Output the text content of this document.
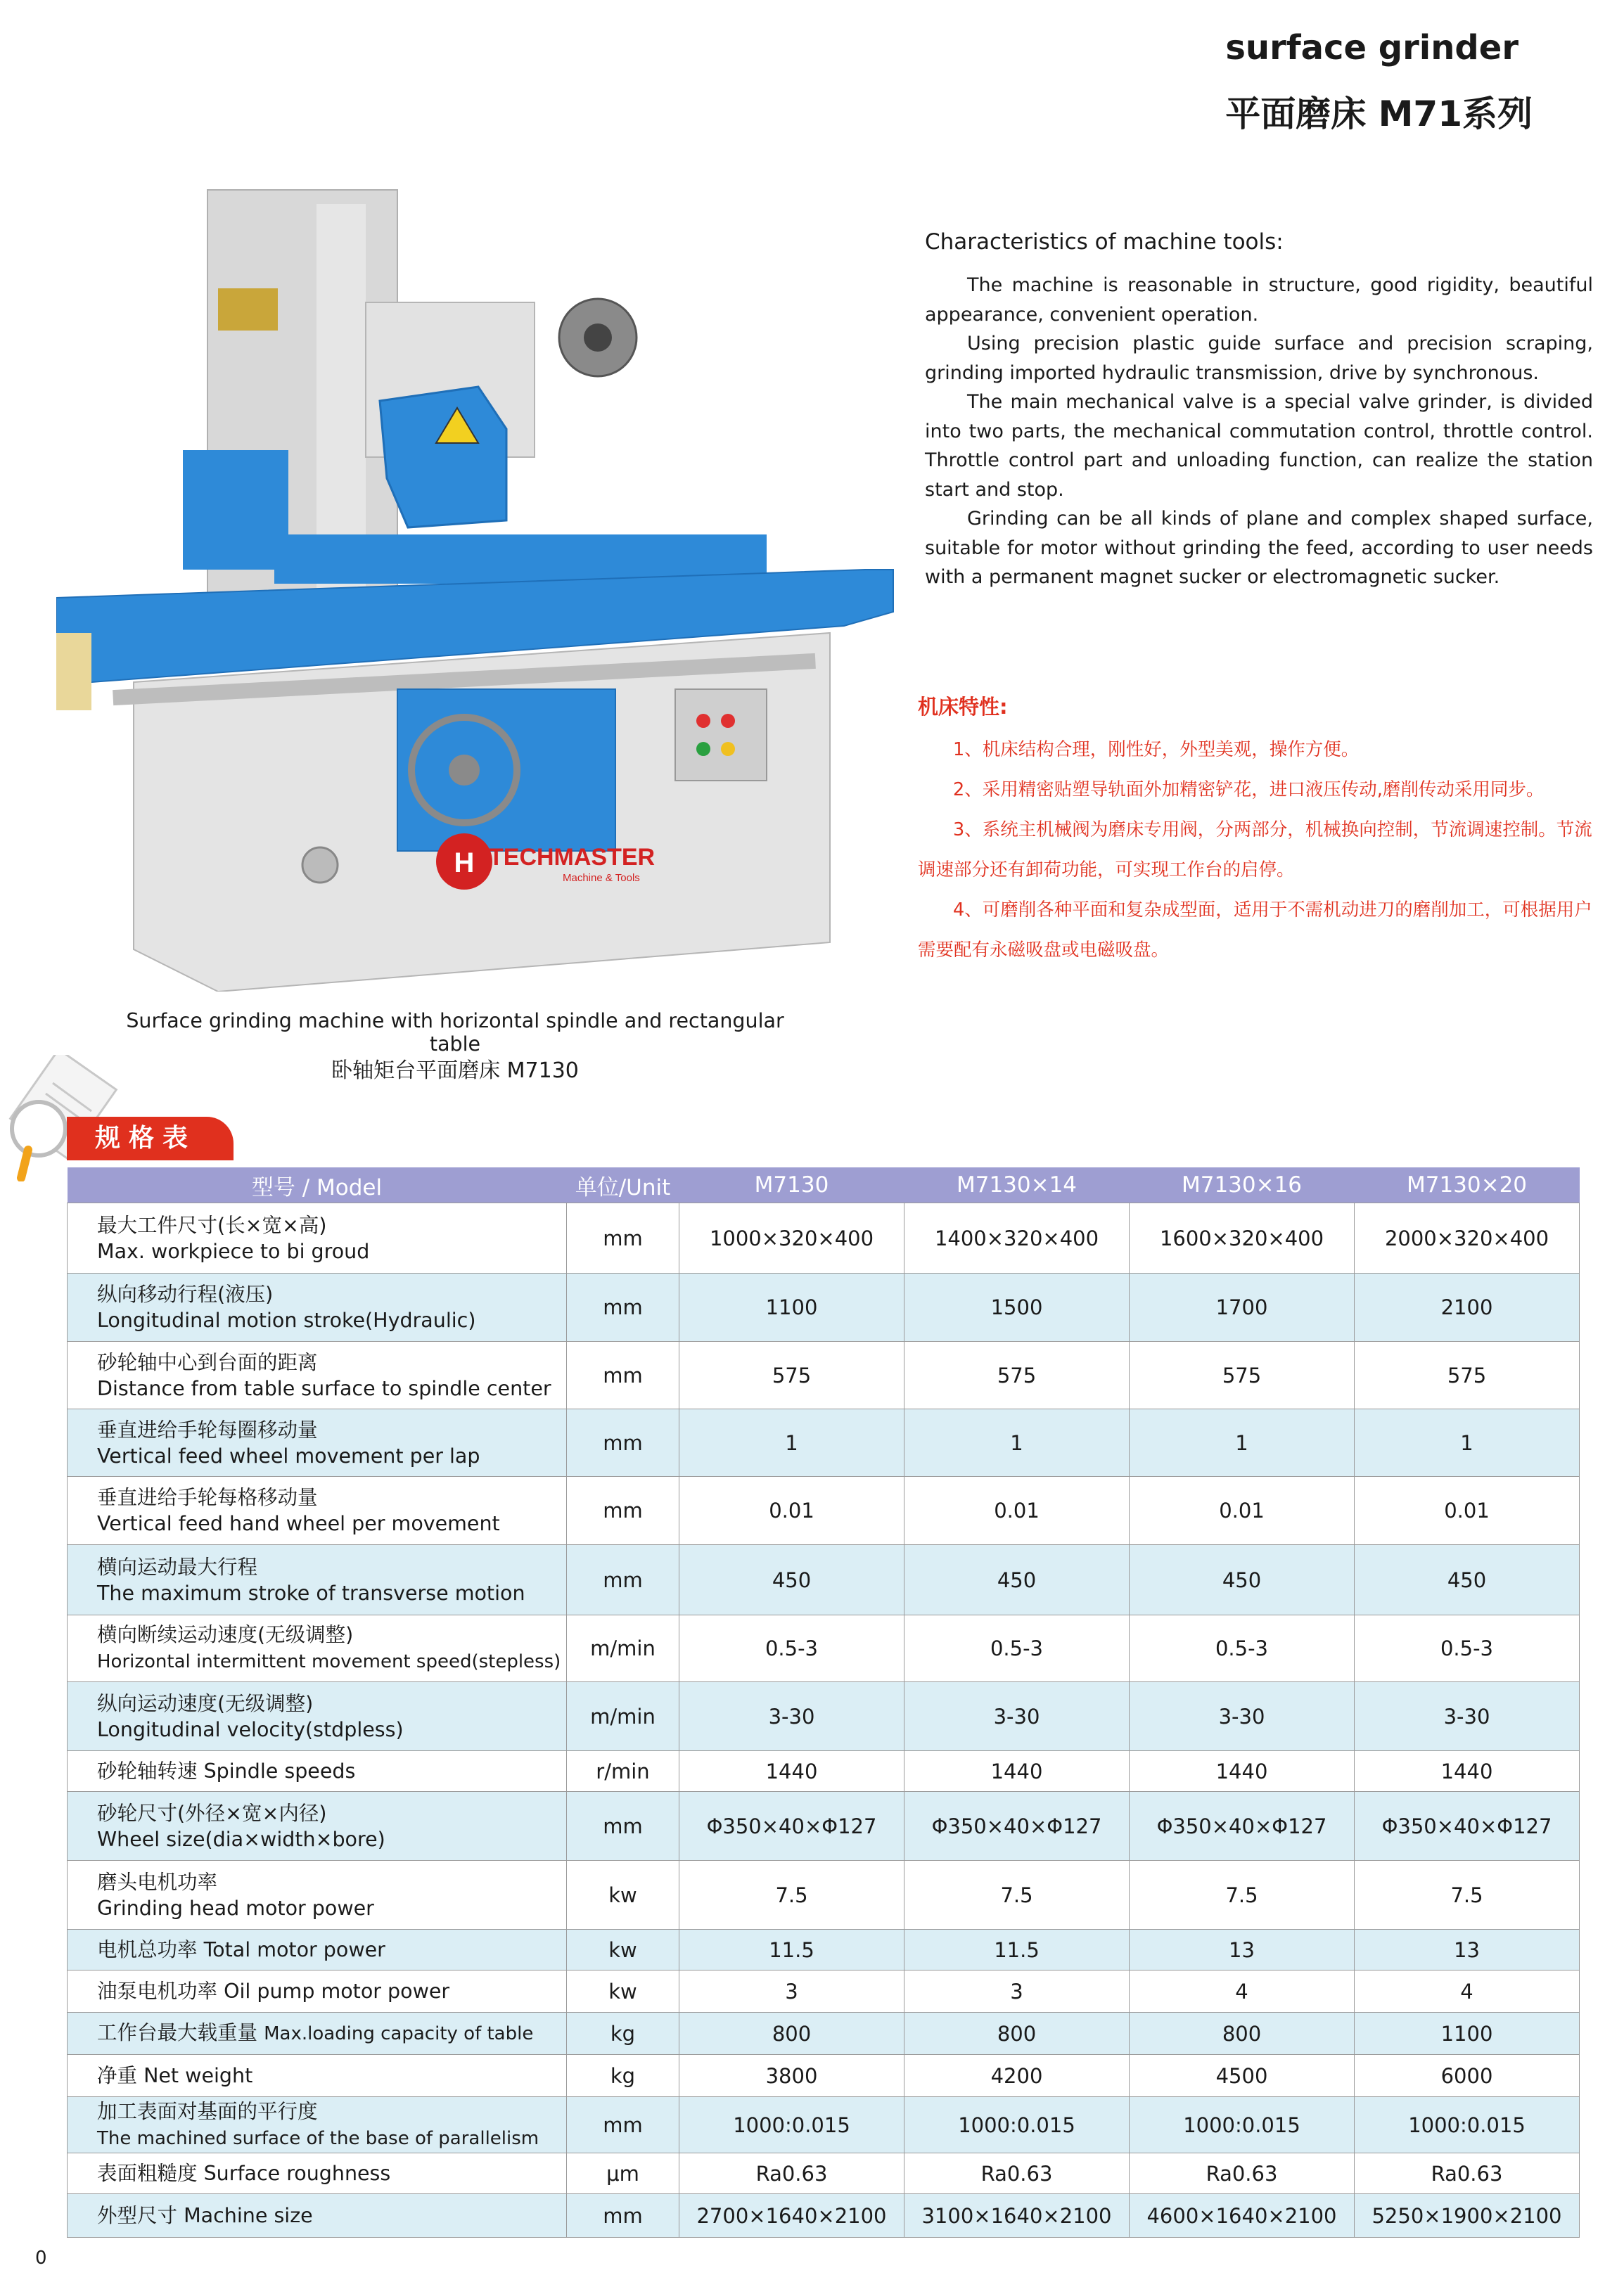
surface grinder
平面磨床 M71系列
H TECHMASTER
Machine & Tools
Characteristics of machine tools:

The machine is reasonable in structure, good rigidity, beautiful appearance, convenient operation.

Using precision plastic guide surface and precision scraping, grinding imported hydraulic transmission, drive by synchronous.

The main mechanical valve is a special valve grinder, is divided into two parts, the mechanical commutation control, throttle control. Throttle control part and unloading function, can realize the station start and stop.

Grinding can be all kinds of plane and complex shaped surface, suitable for motor without grinding the feed, according to user needs with a permanent magnet sucker or electromagnetic sucker.

机床特性:

1、机床结构合理，刚性好，外型美观，操作方便。

2、采用精密贴塑导轨面外加精密铲花，进口液压传动,磨削传动采用同步。

3、系统主机械阀为磨床专用阀，分两部分，机械换向控制，节流调速控制。节流调速部分还有卸荷功能，可实现工作台的启停。

4、可磨削各种平面和复杂成型面，适用于不需机动进刀的磨削加工，可根据用户需要配有永磁吸盘或电磁吸盘。

Surface grinding machine with horizontal spindle and rectangular table
卧轴矩台平面磨床 M7130
规格表
型号 / Model	单位/Unit	M7130	M7130×14	M7130×16	M7130×20
最大工件尺寸(长×宽×高)
Max. workpiece to bi groud	mm	1000×320×400	1400×320×400	1600×320×400	2000×320×400
纵向移动行程(液压)
Longitudinal motion stroke(Hydraulic)	mm	1100	1500	1700	2100
砂轮轴中心到台面的距离
Distance from table surface to spindle center	mm	575	575	575	575
垂直进给手轮每圈移动量
Vertical feed wheel movement per lap	mm	1	1	1	1
垂直进给手轮每格移动量
Vertical feed hand wheel per movement	mm	0.01	0.01	0.01	0.01
横向运动最大行程
The maximum stroke of transverse motion	mm	450	450	450	450
横向断续运动速度(无级调整)
Horizontal intermittent movement speed(stepless)	m/min	0.5-3	0.5-3	0.5-3	0.5-3
纵向运动速度(无级调整)
Longitudinal velocity(stdpless)	m/min	3-30	3-30	3-30	3-30
砂轮轴转速 Spindle speeds	r/min	1440	1440	1440	1440
砂轮尺寸(外径×宽×内径)
Wheel size(dia×width×bore)	mm	Φ350×40×Φ127	Φ350×40×Φ127	Φ350×40×Φ127	Φ350×40×Φ127
磨头电机功率
Grinding head motor power	kw	7.5	7.5	7.5	7.5
电机总功率 Total motor power	kw	11.5	11.5	13	13
油泵电机功率 Oil pump motor power	kw	3	3	4	4
工作台最大载重量 Max.loading capacity of table	kg	800	800	800	1100
净重 Net weight	kg	3800	4200	4500	6000
加工表面对基面的平行度
The machined surface of the base of parallelism	mm	1000:0.015	1000:0.015	1000:0.015	1000:0.015
表面粗糙度 Surface roughness	μm	Ra0.63	Ra0.63	Ra0.63	Ra0.63
外型尺寸 Machine size	mm	2700×1640×2100	3100×1640×2100	4600×1640×2100	5250×1900×2100
0
